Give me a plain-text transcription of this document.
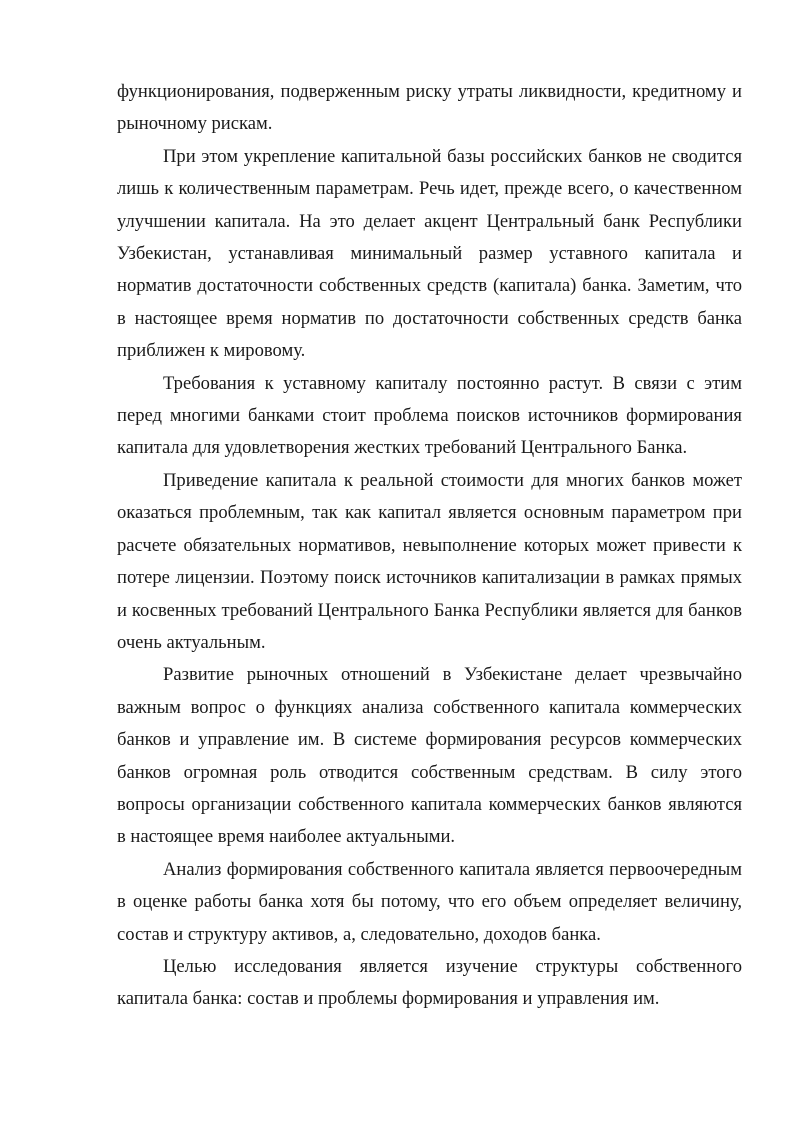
функционирования, подверженным риску утраты ликвидности, кредитному и рыночному рискам.

При этом укрепление капитальной базы российских банков не сводится лишь к количественным параметрам. Речь идет, прежде всего, о качественном улучшении капитала. На это делает акцент Центральный банк Республики Узбекистан, устанавливая минимальный размер уставного капитала и норматив достаточности собственных средств (капитала) банка. Заметим, что в настоящее время норматив по достаточности собственных средств банка приближен к мировому.

Требования к уставному капиталу постоянно растут. В связи с этим перед многими банками стоит проблема поисков источников формирования капитала для удовлетворения жестких требований Центрального Банка.

Приведение капитала к реальной стоимости для многих банков может оказаться проблемным, так как капитал является основным параметром при расчете обязательных нормативов, невыполнение которых может привести к потере лицензии. Поэтому поиск источников капитализации в рамках прямых и косвенных требований Центрального Банка Республики является для банков очень актуальным.

Развитие рыночных отношений в Узбекистане делает чрезвычайно важным вопрос о функциях анализа собственного капитала коммерческих банков и управление им. В системе формирования ресурсов коммерческих банков огромная роль отводится собственным средствам. В силу этого вопросы организации собственного капитала коммерческих банков являются в настоящее время наиболее актуальными.

Анализ формирования собственного капитала является первоочередным в оценке работы банка хотя бы потому, что его объем определяет величину, состав и структуру активов, а, следовательно, доходов банка.

Целью исследования является изучение структуры собственного капитала банка: состав и проблемы формирования и управления им.
